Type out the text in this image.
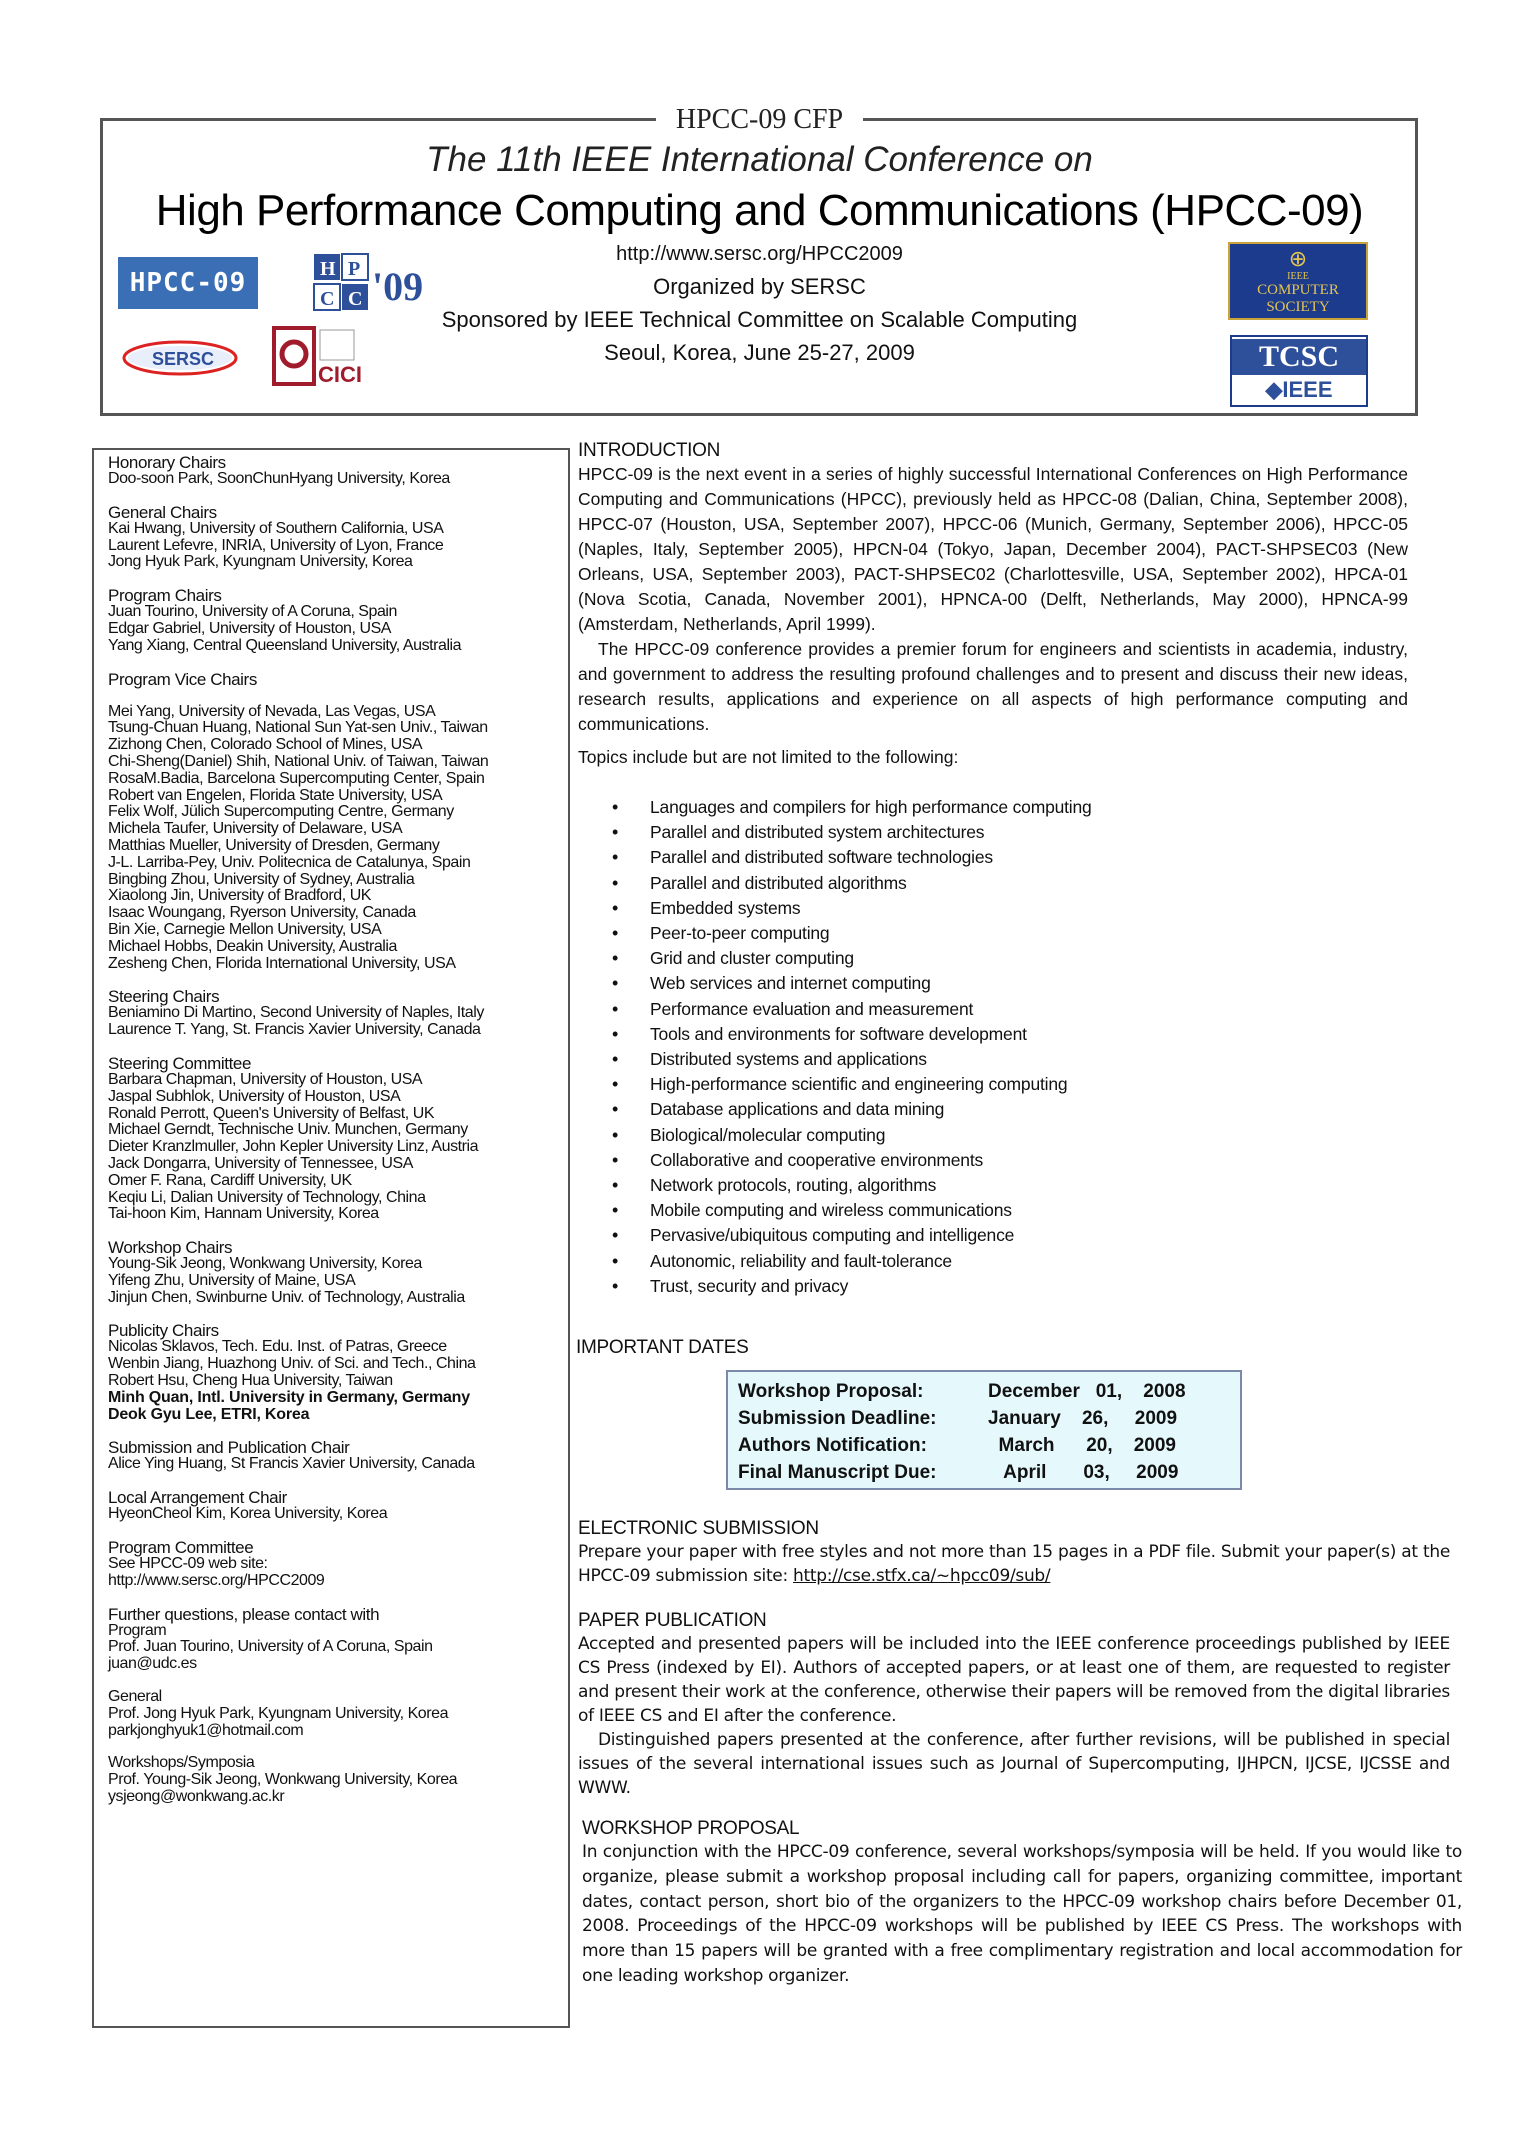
HPCC-09 CFP
The 11th IEEE International Conference on
High Performance Computing and Communications (HPCC-09)
http://www.sersc.org/HPCC2009
Organized by SERSC
Sponsored by IEEE Technical Committee on Scalable Computing
Seoul, Korea, June 25-27, 2009
HPCC-09	H P
C C '09
SERSC
CICI
⊕
IEEE
COMPUTER
SOCIETY
TCSC
◆IEEE
Honorary Chairs
Doo-soon Park, SoonChunHyang University, Korea
General Chairs
Kai Hwang, University of Southern California, USA
Laurent Lefevre, INRIA, University of Lyon, France
Jong Hyuk Park, Kyungnam University, Korea
Program Chairs
Juan Tourino, University of A Coruna, Spain
Edgar Gabriel, University of Houston, USA
Yang Xiang, Central Queensland University, Australia
Program Vice Chairs
Mei Yang, University of Nevada, Las Vegas, USA
Tsung-Chuan Huang, National Sun Yat-sen Univ., Taiwan
Zizhong Chen, Colorado School of Mines, USA
Chi-Sheng(Daniel) Shih, National Univ. of Taiwan, Taiwan
RosaM.Badia, Barcelona Supercomputing Center, Spain
Robert van Engelen, Florida State University, USA
Felix Wolf, Jülich Supercomputing Centre, Germany
Michela Taufer, University of Delaware, USA
Matthias Mueller, University of Dresden, Germany
J-L. Larriba-Pey, Univ. Politecnica de Catalunya, Spain
Bingbing Zhou, University of Sydney, Australia
Xiaolong Jin, University of Bradford, UK
Isaac Woungang, Ryerson University, Canada
Bin Xie, Carnegie Mellon University, USA
Michael Hobbs, Deakin University, Australia
Zesheng Chen, Florida International University, USA
Steering Chairs
Beniamino Di Martino, Second University of Naples, Italy
Laurence T. Yang, St. Francis Xavier University, Canada
Steering Committee
Barbara Chapman, University of Houston, USA
Jaspal Subhlok, University of Houston, USA
Ronald Perrott, Queen's University of Belfast, UK
Michael Gerndt, Technische Univ. Munchen, Germany
Dieter Kranzlmuller, John Kepler University Linz, Austria
Jack Dongarra, University of Tennessee, USA
Omer F. Rana, Cardiff University, UK
Keqiu Li, Dalian University of Technology, China
Tai-hoon Kim, Hannam University, Korea
Workshop Chairs
Young-Sik Jeong, Wonkwang University, Korea
Yifeng Zhu, University of Maine, USA
Jinjun Chen, Swinburne Univ. of Technology, Australia
Publicity Chairs
Nicolas Sklavos, Tech. Edu. Inst. of Patras, Greece
Wenbin Jiang, Huazhong Univ. of Sci. and Tech., China
Robert Hsu, Cheng Hua University, Taiwan
Minh Quan, Intl. University in Germany, Germany
Deok Gyu Lee, ETRI, Korea
Submission and Publication Chair
Alice Ying Huang, St Francis Xavier University, Canada
Local Arrangement Chair
HyeonCheol Kim, Korea University, Korea
Program Committee
See HPCC-09 web site:
http://www.sersc.org/HPCC2009
Further questions, please contact with
Program
Prof. Juan Tourino, University of A Coruna, Spain
juan@udc.es
General
Prof. Jong Hyuk Park, Kyungnam University, Korea
parkjonghyuk1@hotmail.com
Workshops/Symposia
Prof. Young-Sik Jeong, Wonkwang University, Korea
ysjeong@wonkwang.ac.kr
INTRODUCTION
HPCC-09 is the next event in a series of highly successful International Conferences on High Performance Computing and Communications (HPCC), previously held as HPCC-08 (Dalian, China, September 2008), HPCC-07 (Houston, USA, September 2007), HPCC-06 (Munich, Germany, September 2006), HPCC-05 (Naples, Italy, September 2005), HPCN-04 (Tokyo, Japan, December 2004), PACT-SHPSEC03 (New Orleans, USA, September 2003), PACT-SHPSEC02 (Charlottesville, USA, September 2002), HPCA-01 (Nova Scotia, Canada, November 2001), HPNCA-00 (Delft, Netherlands, May 2000), HPNCA-99 (Amsterdam, Netherlands, April 1999).
The HPCC-09 conference provides a premier forum for engineers and scientists in academia, industry, and government to address the resulting profound challenges and to present and discuss their new ideas, research results, applications and experience on all aspects of high performance computing and communications.
Topics include but are not limited to the following:
• Languages and compilers for high performance computing
• Parallel and distributed system architectures
• Parallel and distributed software technologies
• Parallel and distributed algorithms
• Embedded systems
• Peer-to-peer computing
• Grid and cluster computing
• Web services and internet computing
• Performance evaluation and measurement
• Tools and environments for software development
• Distributed systems and applications
• High-performance scientific and engineering computing
• Database applications and data mining
• Biological/molecular computing
• Collaborative and cooperative environments
• Network protocols, routing, algorithms
• Mobile computing and wireless communications
• Pervasive/ubiquitous computing and intelligence
• Autonomic, reliability and fault-tolerance
• Trust, security and privacy
IMPORTANT DATES
Workshop Proposal:	December   01,    2008
Submission Deadline:	January    26,     2009
Authors Notification:	March      20,    2009
Final Manuscript Due:	April       03,     2009
ELECTRONIC SUBMISSION
Prepare your paper with free styles and not more than 15 pages in a PDF file. Submit your paper(s) at the HPCC-09 submission site: http://cse.stfx.ca/~hpcc09/sub/
PAPER PUBLICATION
Accepted and presented papers will be included into the IEEE conference proceedings published by IEEE CS Press (indexed by EI). Authors of accepted papers, or at least one of them, are requested to register and present their work at the conference, otherwise their papers will be removed from the digital libraries of IEEE CS and EI after the conference.
Distinguished papers presented at the conference, after further revisions, will be published in special issues of the several international issues such as Journal of Supercomputing, IJHPCN, IJCSE, IJCSSE and WWW.
WORKSHOP PROPOSAL
In conjunction with the HPCC-09 conference, several workshops/symposia will be held. If you would like to organize, please submit a workshop proposal including call for papers, organizing committee, important dates, contact person, short bio of the organizers to the HPCC-09 workshop chairs before December 01, 2008. Proceedings of the HPCC-09 workshops will be published by IEEE CS Press. The workshops with more than 15 papers will be granted with a free complimentary registration and local accommodation for one leading workshop organizer.
